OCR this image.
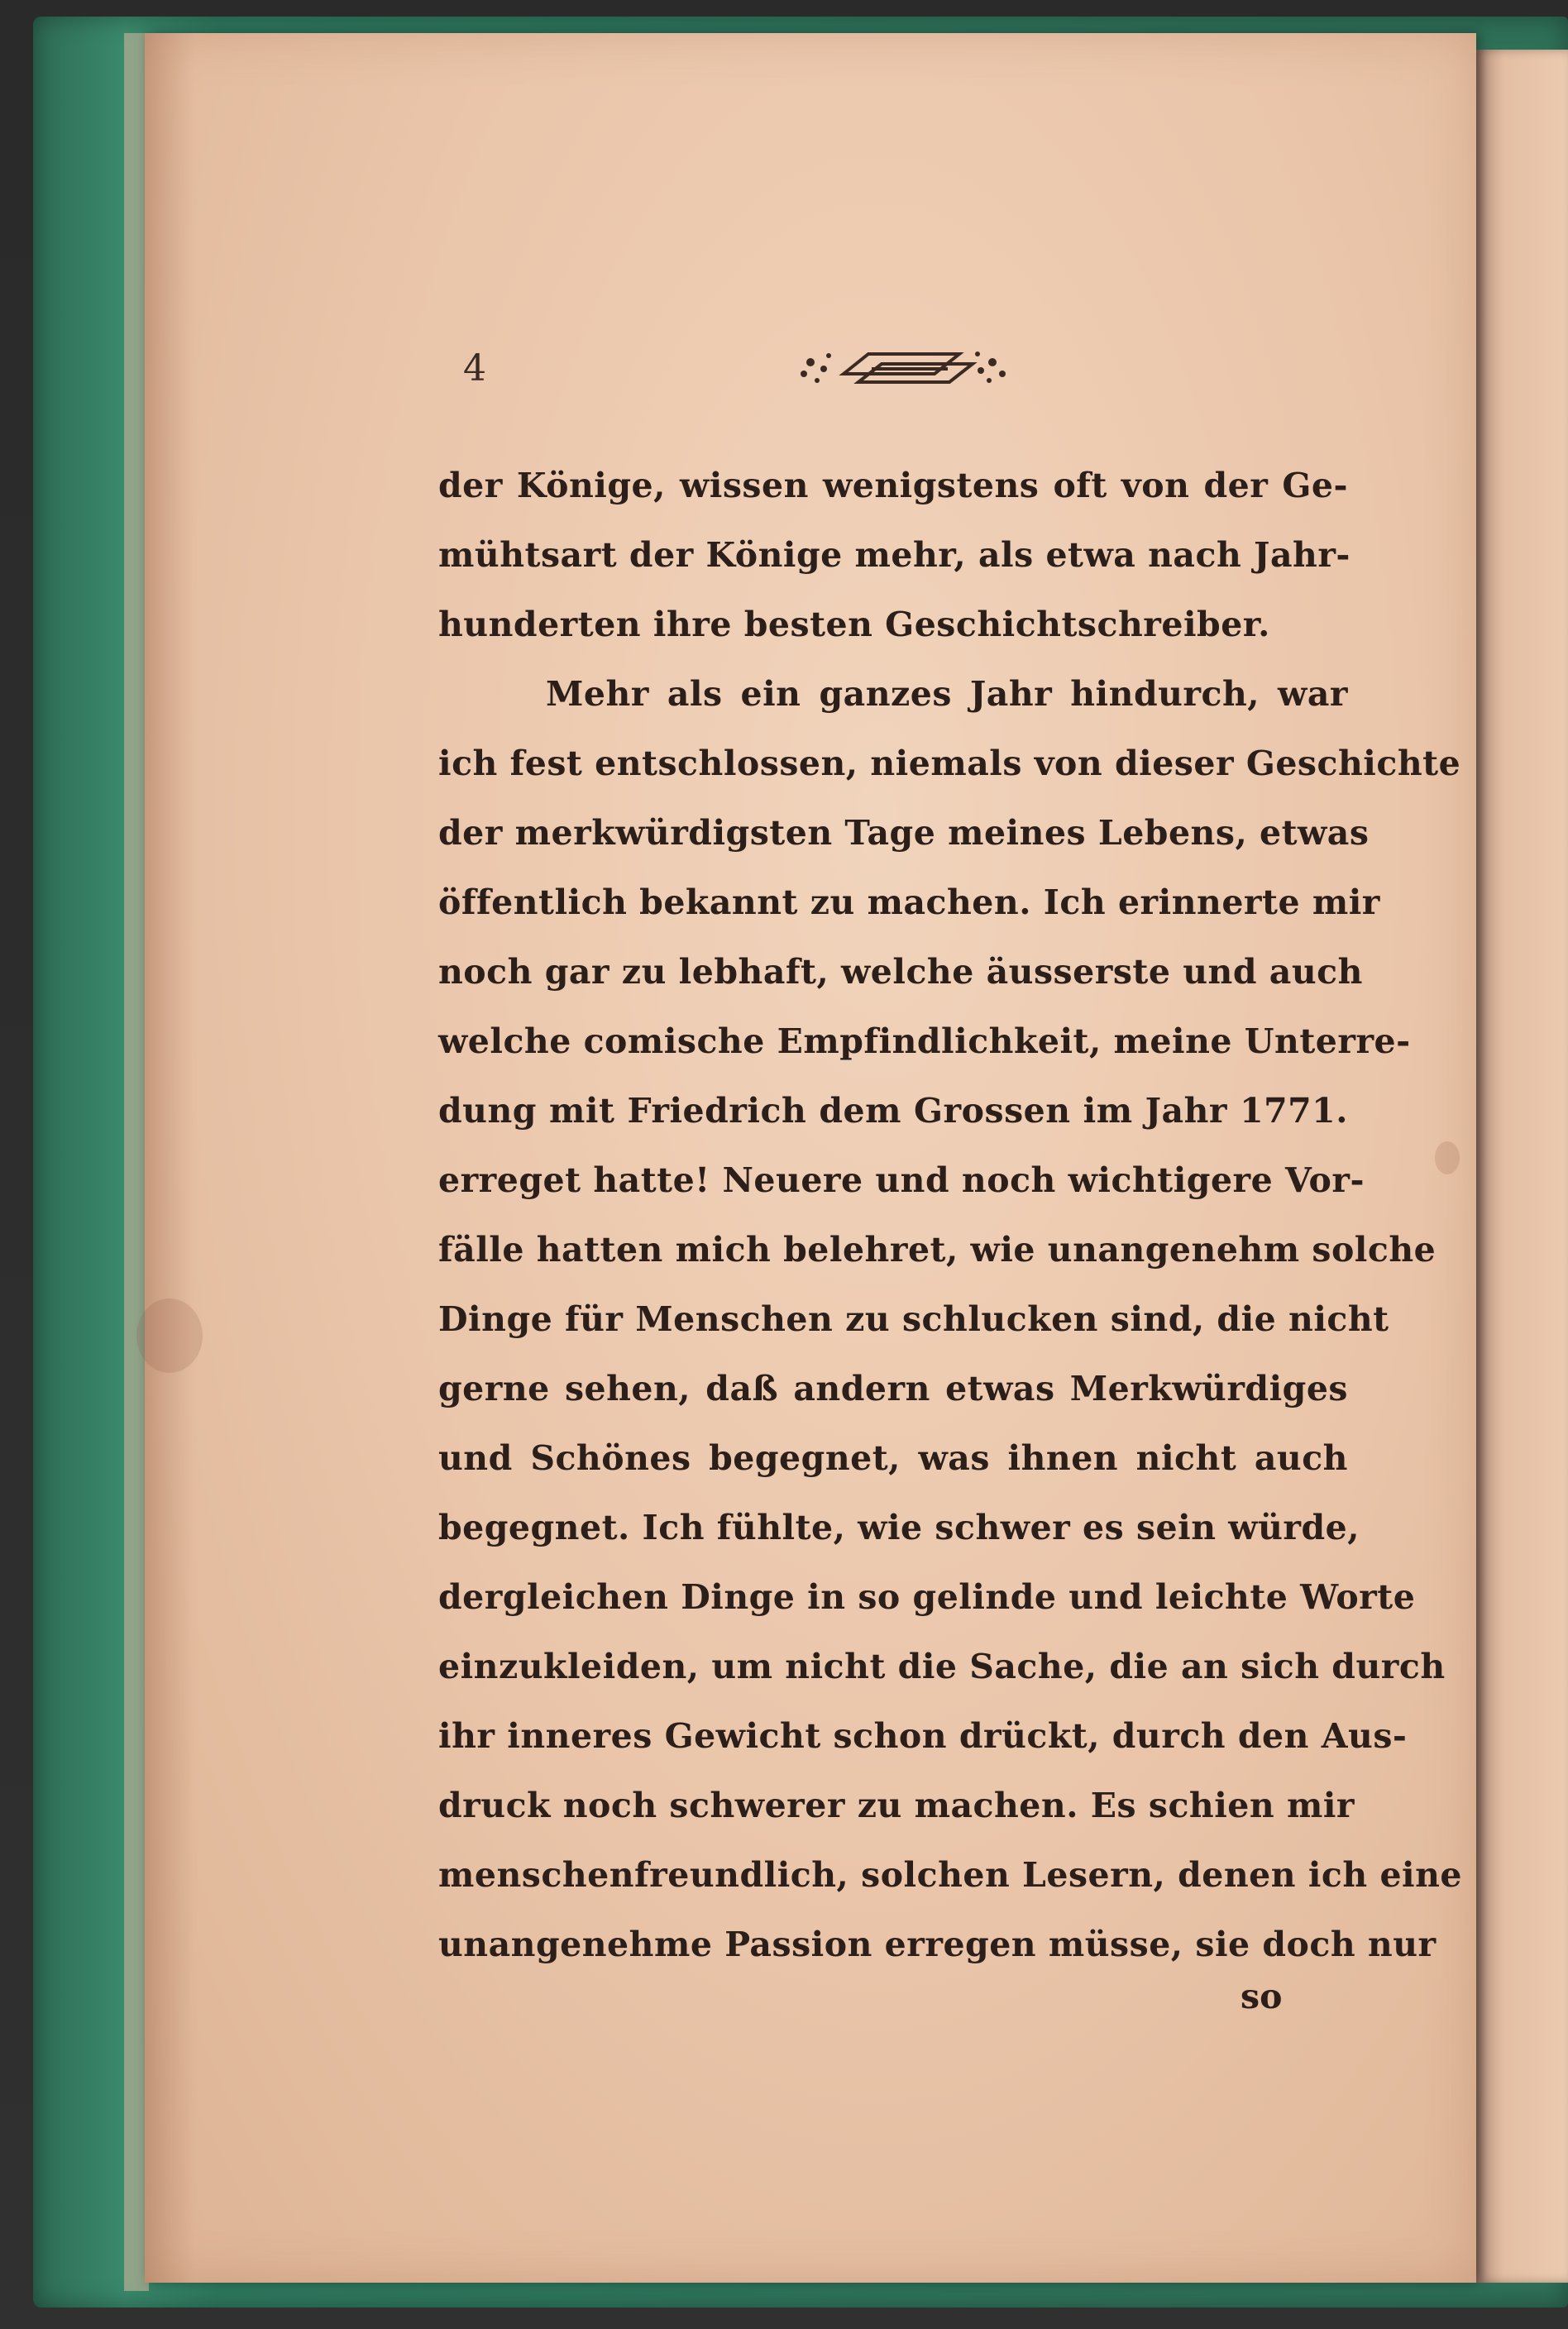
4
der Könige, wissen wenigstens oft von der Ge-
mühtsart der Könige mehr, als etwa nach Jahr-
hunderten ihre besten Geschichtschreiber.
Mehr als ein ganzes Jahr hindurch, war
ich fest entschlossen, niemals von dieser Geschichte
der merkwürdigsten Tage meines Lebens, etwas
öffentlich bekannt zu machen. Ich erinnerte mir
noch gar zu lebhaft, welche äusserste und auch
welche comische Empfindlichkeit, meine Unterre-
dung mit Friedrich dem Grossen im Jahr 1771.
erreget hatte! Neuere und noch wichtigere Vor-
fälle hatten mich belehret, wie unangenehm solche
Dinge für Menschen zu schlucken sind, die nicht
gerne sehen, daß andern etwas Merkwürdiges
und Schönes begegnet, was ihnen nicht auch
begegnet. Ich fühlte, wie schwer es sein würde,
dergleichen Dinge in so gelinde und leichte Worte
einzukleiden, um nicht die Sache, die an sich durch
ihr inneres Gewicht schon drückt, durch den Aus-
druck noch schwerer zu machen. Es schien mir
menschenfreundlich, solchen Lesern, denen ich eine
unangenehme Passion erregen müsse, sie doch nur
so
